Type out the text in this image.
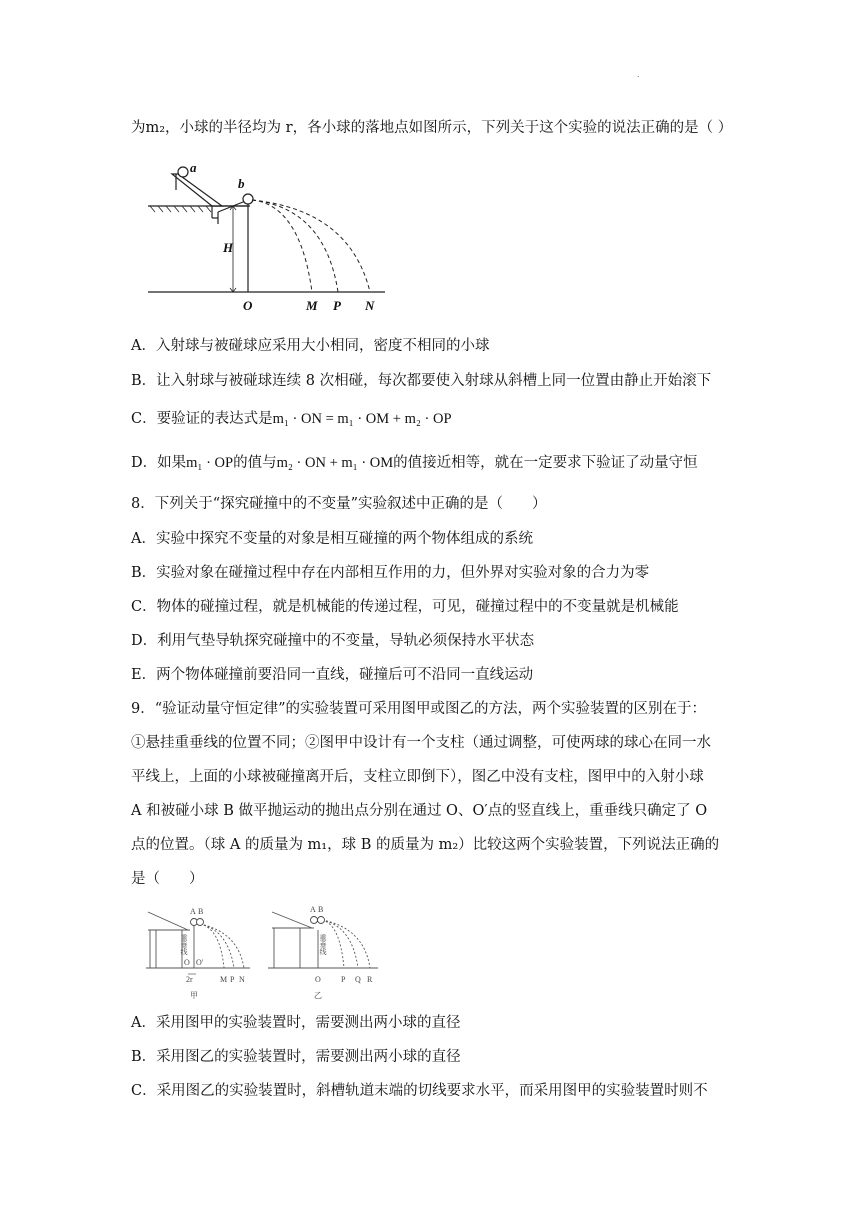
.
为m₂，小球的半径均为 r，各小球的落地点如图所示，下列关于这个实验的说法正确的是（ ）
a
b
H
O	M P N
A．入射球与被碰球应采用大小相同，密度不相同的小球
B．让入射球与被碰球连续 8 次相碰，每次都要使入射球从斜槽上同一位置由静止开始滚下
C．要验证的表达式是m₁ · ON = m₁ · OM + m₂ · OP
D．如果m₁ · OP的值与m₂ · ON + m₁ · OM的值接近相等，就在一定要求下验证了动量守恒
8．下列关于“探究碰撞中的不变量”实验叙述中正确的是（　　）
A．实验中探究不变量的对象是相互碰撞的两个物体组成的系统
B．实验对象在碰撞过程中存在内部相互作用的力，但外界对实验对象的合力为零
C．物体的碰撞过程，就是机械能的传递过程，可见，碰撞过程中的不变量就是机械能
D．利用气垫导轨探究碰撞中的不变量，导轨必须保持水平状态
E．两个物体碰撞前要沿同一直线，碰撞后可不沿同一直线运动
9．“验证动量守恒定律”的实验装置可采用图甲或图乙的方法，两个实验装置的区别在于：
①悬挂重垂线的位置不同；②图甲中设计有一个支柱（通过调整，可使两球的球心在同一水
平线上，上面的小球被碰撞离开后，支柱立即倒下），图乙中没有支柱，图甲中的入射小球
A 和被碰小球 B 做平抛运动的抛出点分别在通过 O、O′点的竖直线上，重垂线只确定了 O
点的位置。（球 A 的质量为 m₁，球 B 的质量为 m₂）比较这两个实验装置，下列说法正确的
是（　　）
A B
O O′
2r	M P N
甲
重垂线
A B
O	P Q R
乙
重垂线
A．采用图甲的实验装置时，需要测出两小球的直径
B．采用图乙的实验装置时，需要测出两小球的直径
C．采用图乙的实验装置时，斜槽轨道末端的切线要求水平，而采用图甲的实验装置时则不
